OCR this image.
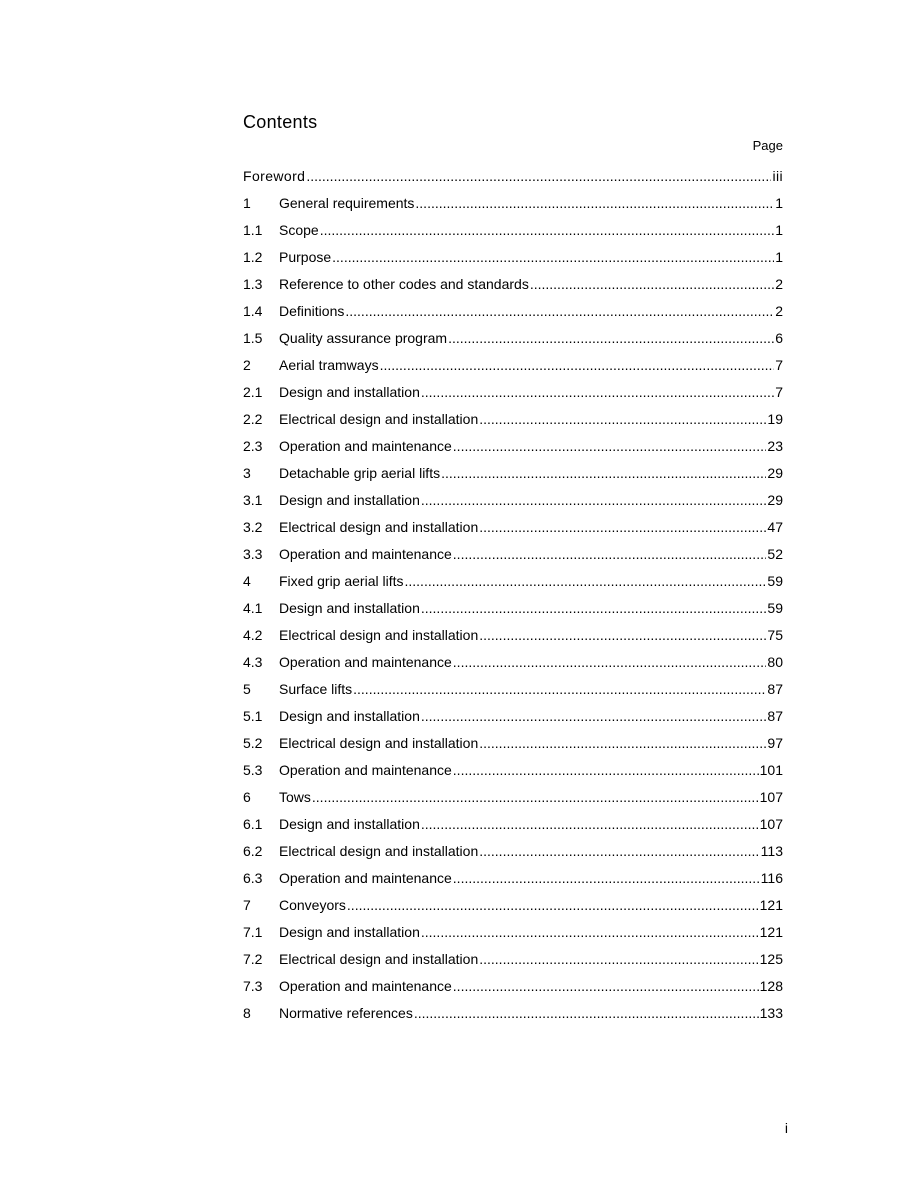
Contents
Page
Foreword .....	iii
1	General requirements .....	1
1.1	Scope .....	1
1.2	Purpose .....	1
1.3	Reference to other codes and standards .....	2
1.4	Definitions .....	2
1.5	Quality assurance program .....	6
2	Aerial tramways .....	7
2.1	Design and installation .....	7
2.2	Electrical design and installation .....	19
2.3	Operation and maintenance .....	23
3	Detachable grip aerial lifts .....	29
3.1	Design and installation .....	29
3.2	Electrical design and installation .....	47
3.3	Operation and maintenance .....	52
4	Fixed grip aerial lifts .....	59
4.1	Design and installation .....	59
4.2	Electrical design and installation .....	75
4.3	Operation and maintenance .....	80
5	Surface lifts .....	87
5.1	Design and installation .....	87
5.2	Electrical design and installation .....	97
5.3	Operation and maintenance .....	101
6	Tows .....	107
6.1	Design and installation .....	107
6.2	Electrical design and installation .....	113
6.3	Operation and maintenance .....	116
7	Conveyors .....	121
7.1	Design and installation .....	121
7.2	Electrical design and installation .....	125
7.3	Operation and maintenance .....	128
8	Normative references .....	133
i
